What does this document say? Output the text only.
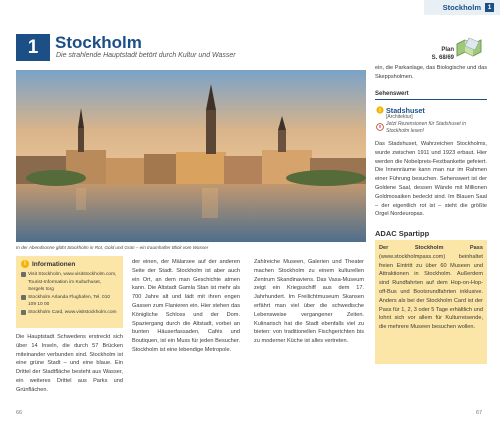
Stockholm	1
1 Stockholm
Die strahlende Hauptstadt betört durch Kultur und Wasser
Plan
S. 68/69
In der Abendsonne glüht Stockholm in Rot, Gold und Grün – ein traumhafter Blick vom Wasser
ein, die Parkanlage, das Biologische und das Skeppsholmen.
Sehenswert
! Stadshuset
[Architektur]
Jetzt Rezensionen für Stadshuset in Stockholm lesen!
Das Stadshuset, Wahrzeichen Stockholms, wurde zwischen 1911 und 1923 erbaut. Hier werden die Nobelpreis-Festbankette gefeiert. Die Innenräume kann man nur im Rahmen einer Führung besuchen. Sehenswert ist der Goldene Saal, dessen Wände mit Millionen Goldmosaiken bedeckt sind. Im Blauen Saal – der eigentlich rot ist – steht die größte Orgel Nordeuropas.
ADAC Spartipp
Der Stockholm Pass (www.stockholmpass.com) beinhaltet freien Eintritt zu über 60 Museen und Attraktionen in Stockholm. Außerdem sind Rundfahrten auf dem Hop-on-Hop-off-Bus und Bootsrundfahrten inklusive. Anders als bei der Stockholm Card ist der Pass für 1, 2, 3 oder 5 Tage erhältlich und lohnt sich vor allem für Kulturreisende, die mehrere Museen besuchen wollen.
i Informationen
Visit Stockholm, www.visitstockholm.com, Tourist-Information im Kulturhuset, Sergels torg
Stockholm Arlanda Flughafen, Tel. 010 109 10 00
Stockholm Card, www.visitstockholm.com
Die Hauptstadt Schwedens erstreckt sich über 14 Inseln, die durch 57 Brücken miteinander verbunden sind. Stockholm ist eine grüne Stadt – und eine blaue. Ein Drittel der Stadtfläche besteht aus Wasser, ein weiteres Drittel aus Parks und Grünflächen.
der einen, der Mälarsee auf der anderen Seite der Stadt. Stockholm ist aber auch ein Ort, an dem man Geschichte atmen kann. Die Altstadt Gamla Stan ist mehr als 700 Jahre alt und lädt mit ihren engen Gassen zum Flanieren ein. Hier stehen das Königliche Schloss und der Dom. Spaziergang durch die Altstadt, vorbei an bunten Häuserfassaden, Cafés und Boutiquen, ist ein Muss für jeden Besucher. Stockholm ist eine lebendige Metropole.
Zahlreiche Museen, Galerien und Theater machen Stockholm zu einem kulturellen Zentrum Skandinaviens. Das Vasa-Museum zeigt ein Kriegsschiff aus dem 17. Jahrhundert. Im Freilichtmuseum Skansen erfährt man viel über die schwedische Lebensweise vergangener Zeiten. Kulinarisch hat die Stadt ebenfalls viel zu bieten: von traditionellen Fischgerichten bis zu moderner Küche ist alles vertreten.
66	67
